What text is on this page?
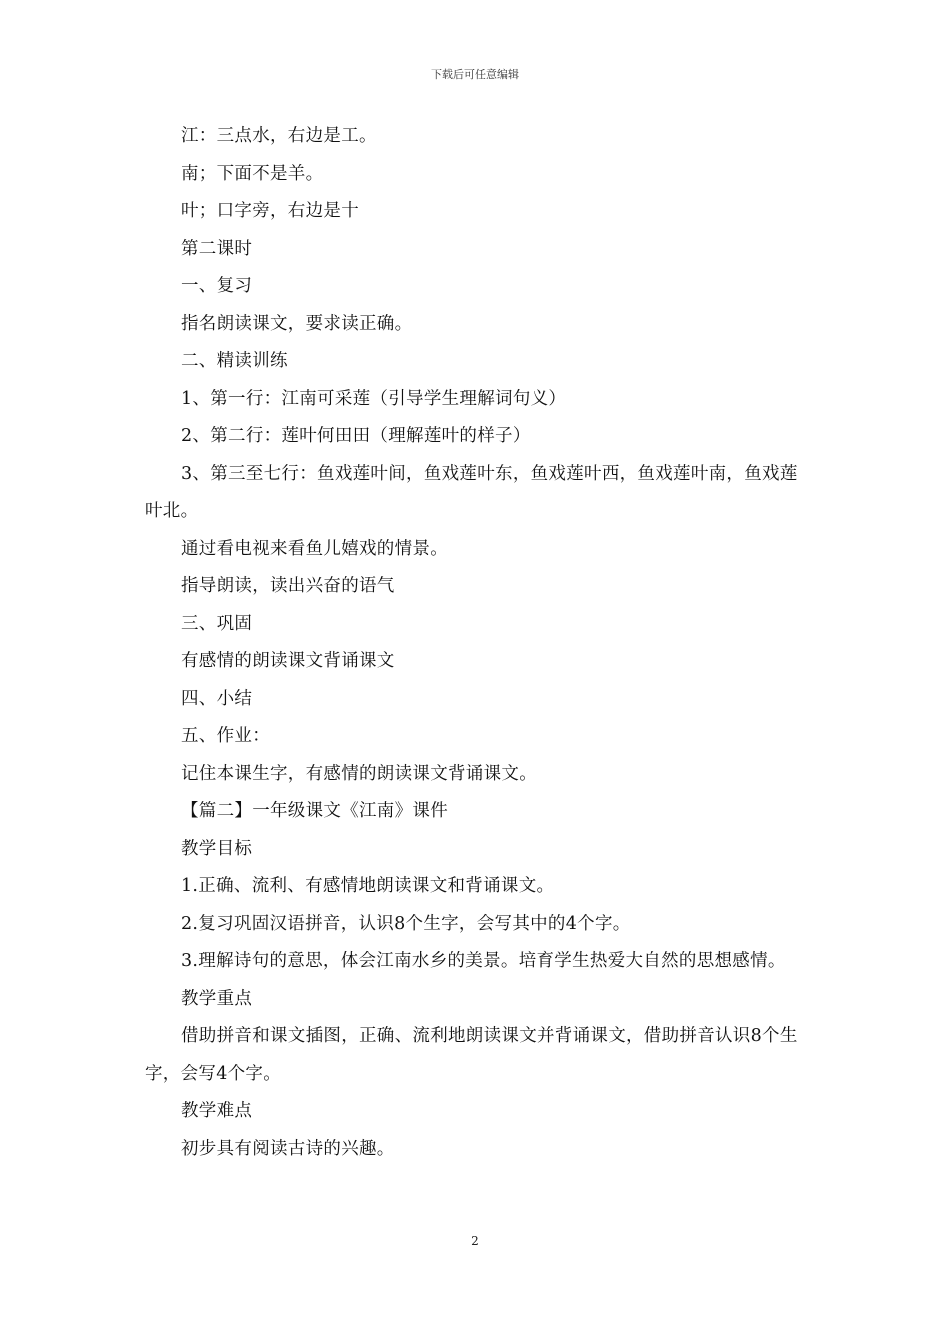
下载后可任意编辑

江：三点水，右边是工。

南；下面不是羊。

叶；口字旁，右边是十

第二课时

一、复习

指名朗读课文，要求读正确。

二、精读训练

1、第一行：江南可采莲（引导学生理解词句义）

2、第二行：莲叶何田田（理解莲叶的样子）

3、第三至七行：鱼戏莲叶间，鱼戏莲叶东，鱼戏莲叶西，鱼戏莲叶南，鱼戏莲叶北。

通过看电视来看鱼儿嬉戏的情景。

指导朗读，读出兴奋的语气

三、巩固

有感情的朗读课文背诵课文

四、小结

五、作业：

记住本课生字，有感情的朗读课文背诵课文。

【篇二】一年级课文《江南》课件

教学目标

1.正确、流利、有感情地朗读课文和背诵课文。

2.复习巩固汉语拼音，认识8个生字，会写其中的4个字。

3.理解诗句的意思，体会江南水乡的美景。培育学生热爱大自然的思想感情。

教学重点

借助拼音和课文插图，正确、流利地朗读课文并背诵课文，借助拼音认识8个生字，会写4个字。

教学难点

初步具有阅读古诗的兴趣。

2
